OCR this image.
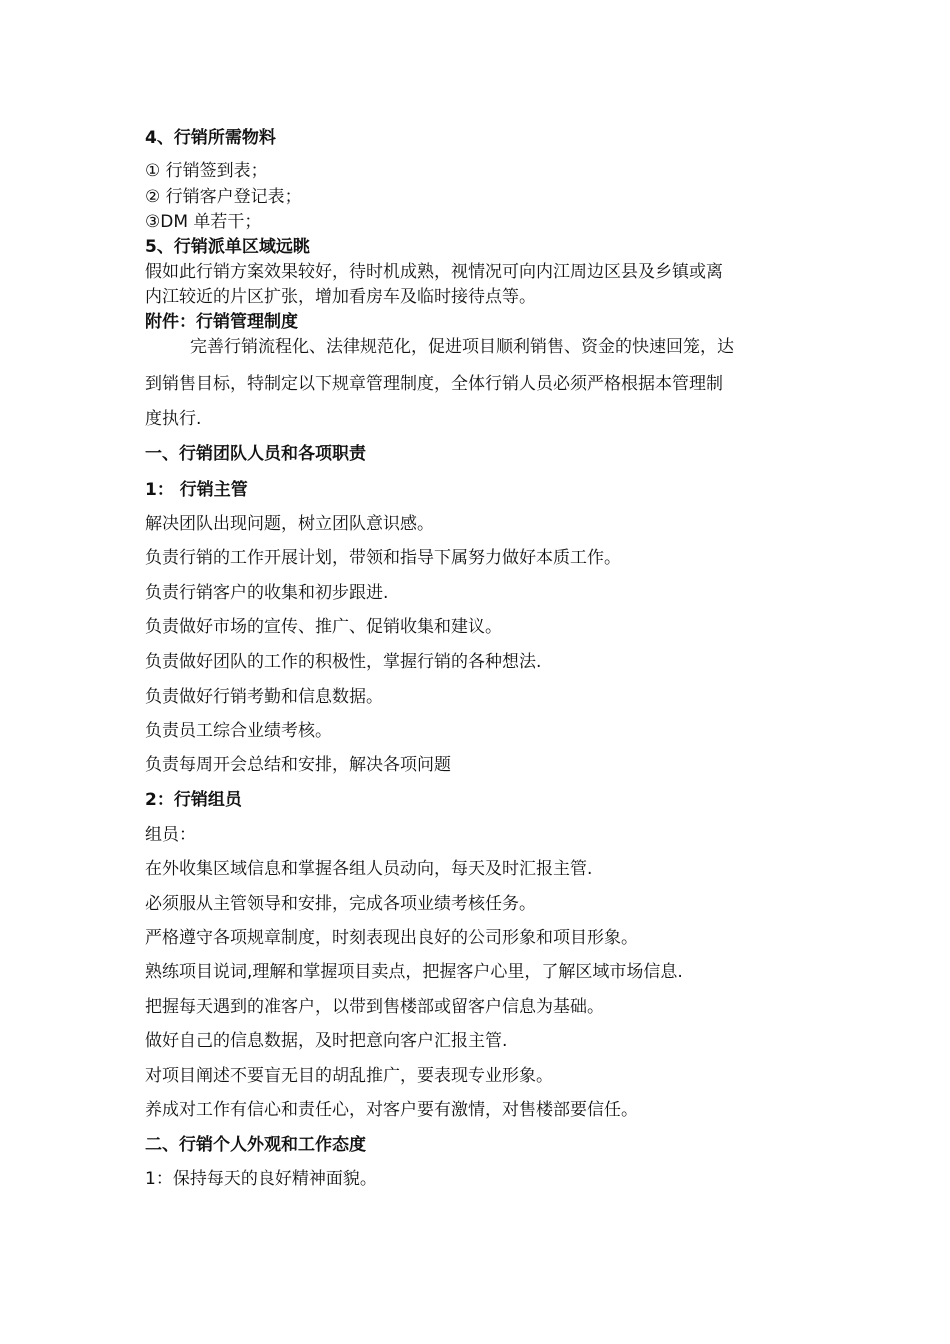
4、行销所需物料
① 行销签到表；
② 行销客户登记表；
③DM 单若干；
5、行销派单区域远眺
假如此行销方案效果较好，待时机成熟，视情况可向内江周边区县及乡镇或离
内江较近的片区扩张，增加看房车及临时接待点等。
附件：行销管理制度
完善行销流程化、法律规范化，促进项目顺利销售、资金的快速回笼，达
到销售目标，特制定以下规章管理制度，全体行销人员必须严格根据本管理制
度执行.
一、行销团队人员和各项职责
1： 行销主管
解决团队出现问题，树立团队意识感。
负责行销的工作开展计划，带领和指导下属努力做好本质工作。
负责行销客户的收集和初步跟进.
负责做好市场的宣传、推广、促销收集和建议。
负责做好团队的工作的积极性，掌握行销的各种想法.
负责做好行销考勤和信息数据。
负责员工综合业绩考核。
负责每周开会总结和安排，解决各项问题
2：行销组员
组员：
在外收集区域信息和掌握各组人员动向，每天及时汇报主管.
必须服从主管领导和安排，完成各项业绩考核任务。
严格遵守各项规章制度，时刻表现出良好的公司形象和项目形象。
熟练项目说词,理解和掌握项目卖点，把握客户心里，了解区域市场信息.
把握每天遇到的准客户，以带到售楼部或留客户信息为基础。
做好自己的信息数据，及时把意向客户汇报主管.
对项目阐述不要盲无目的胡乱推广，要表现专业形象。
养成对工作有信心和责任心，对客户要有激情，对售楼部要信任。
二、行销个人外观和工作态度
1：保持每天的良好精神面貌。
